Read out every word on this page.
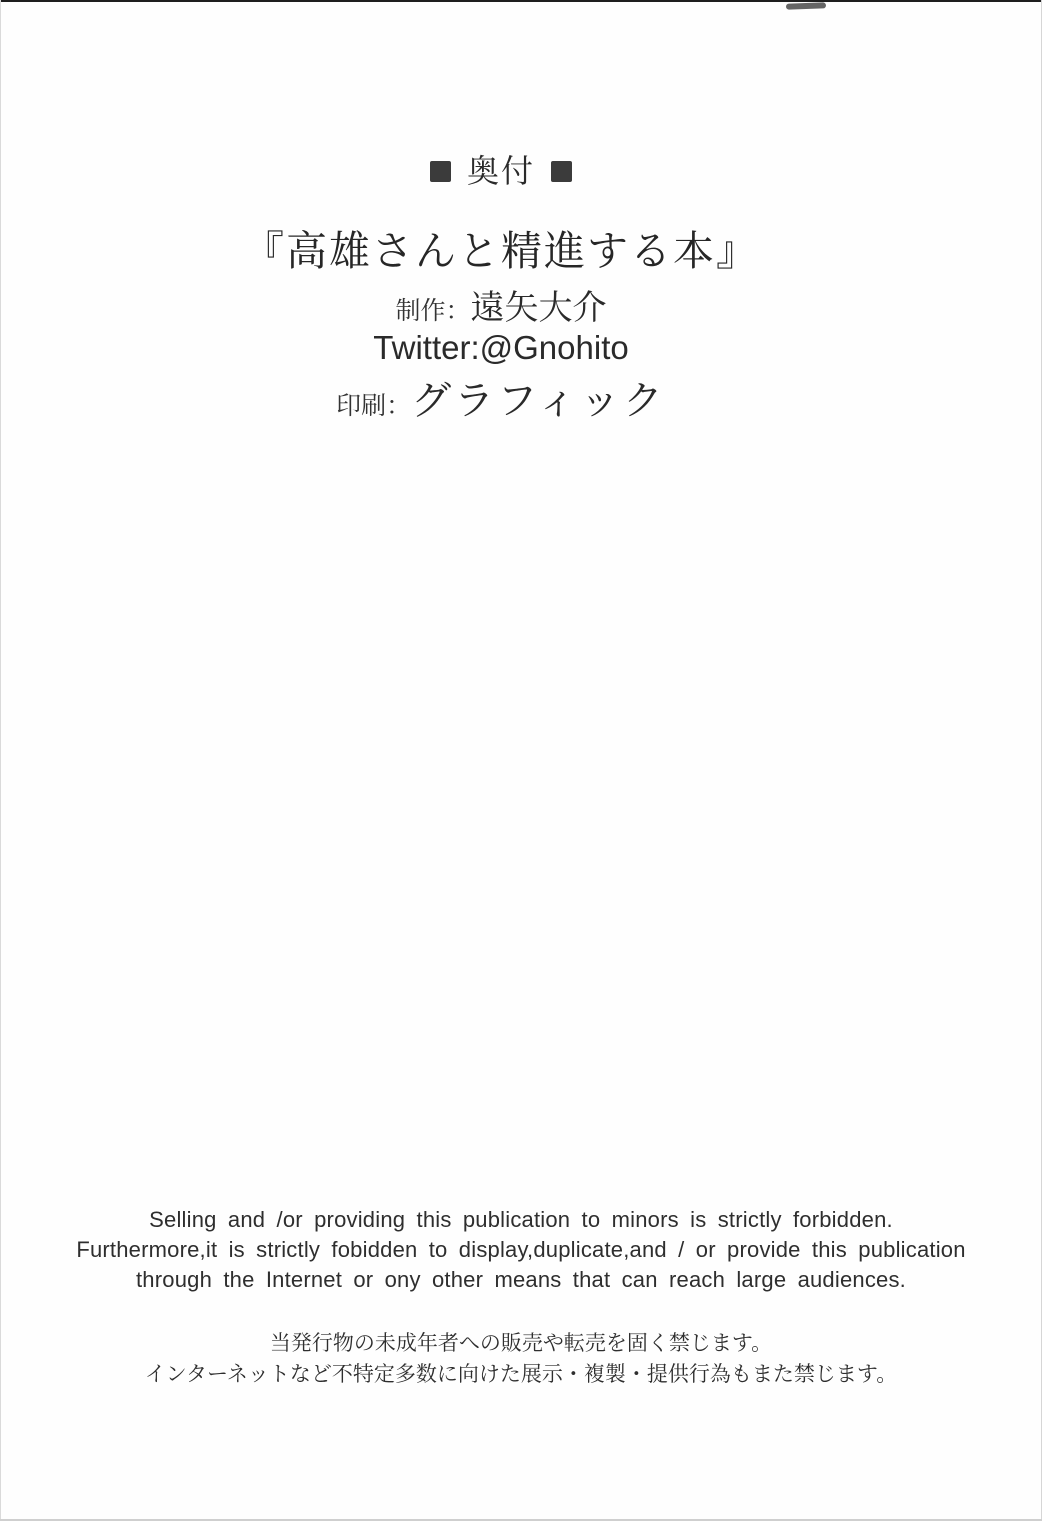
奥付
『高雄さんと精進する本』
制作：遠矢大介
Twitter:@Gnohito
印刷：グラフィック
Selling and /or providing this publication to minors is strictly forbidden.
Furthermore,it is strictly fobidden to display,duplicate,and / or provide this publication
through the Internet or ony other means that can reach large audiences.
当発行物の未成年者への販売や転売を固く禁じます。
インターネットなど不特定多数に向けた展示・複製・提供行為もまた禁じます。
